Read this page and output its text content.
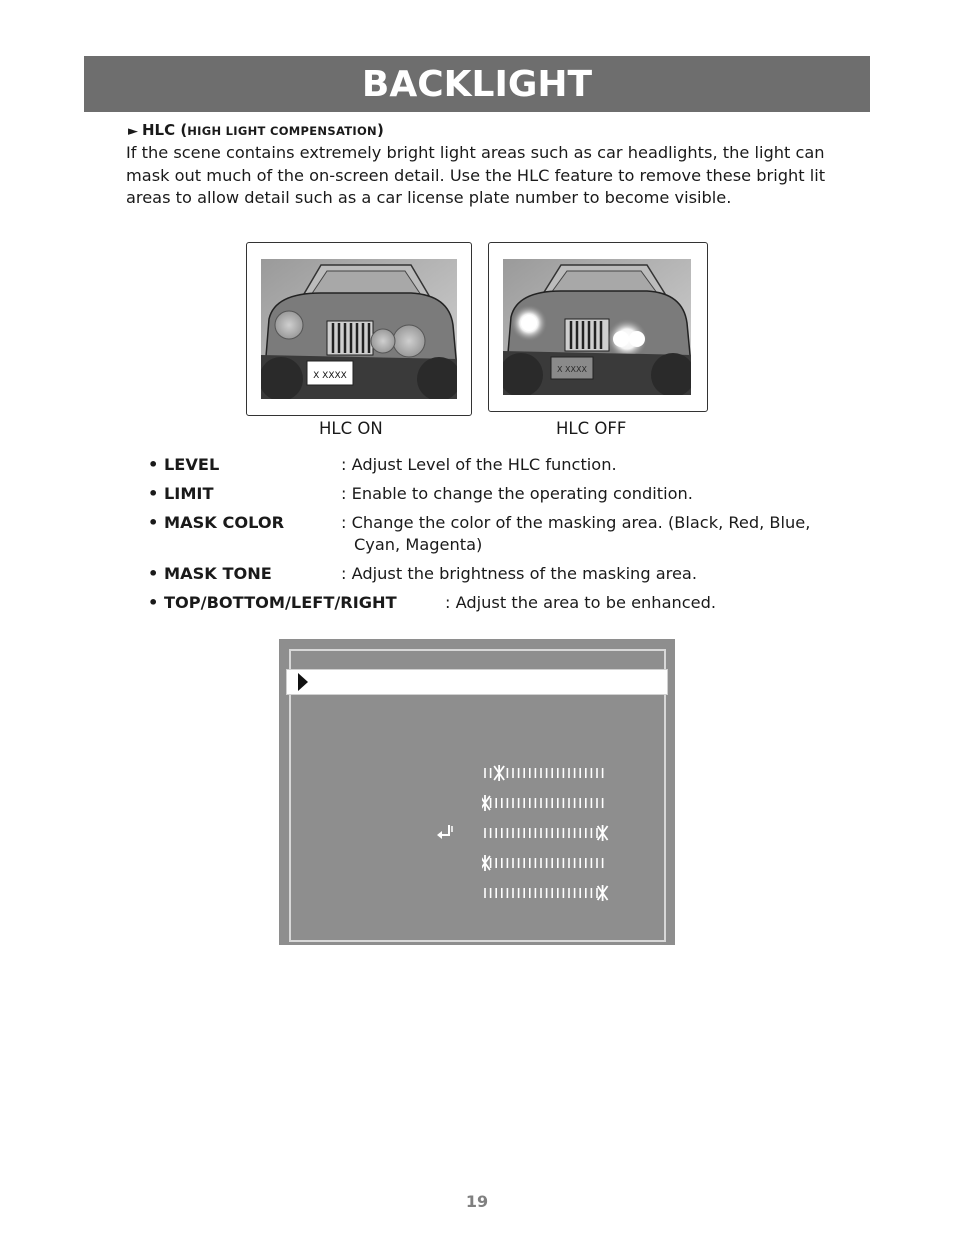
BACKLIGHT
► HLC (HIGH LIGHT COMPENSATION)

If the scene contains extremely bright light areas such as car headlights, the light can mask out much of the on-screen detail. Use the HLC feature to remove these bright lit areas to allow detail such as a car license plate number to become visible.

X XXXX
X XXXX
HLC ON	HLC OFF
• LEVEL	: Adjust Level of the HLC function.
• LIMIT	: Enable to change the operating condition.
• MASK COLOR	: Change the color of the masking area. (Black, Red, Blue, Cyan, Magenta)
• MASK TONE	: Adjust the brightness of the masking area.
• TOP/BOTTOM/LEFT/RIGHT	: Adjust the area to be enhanced.
19
